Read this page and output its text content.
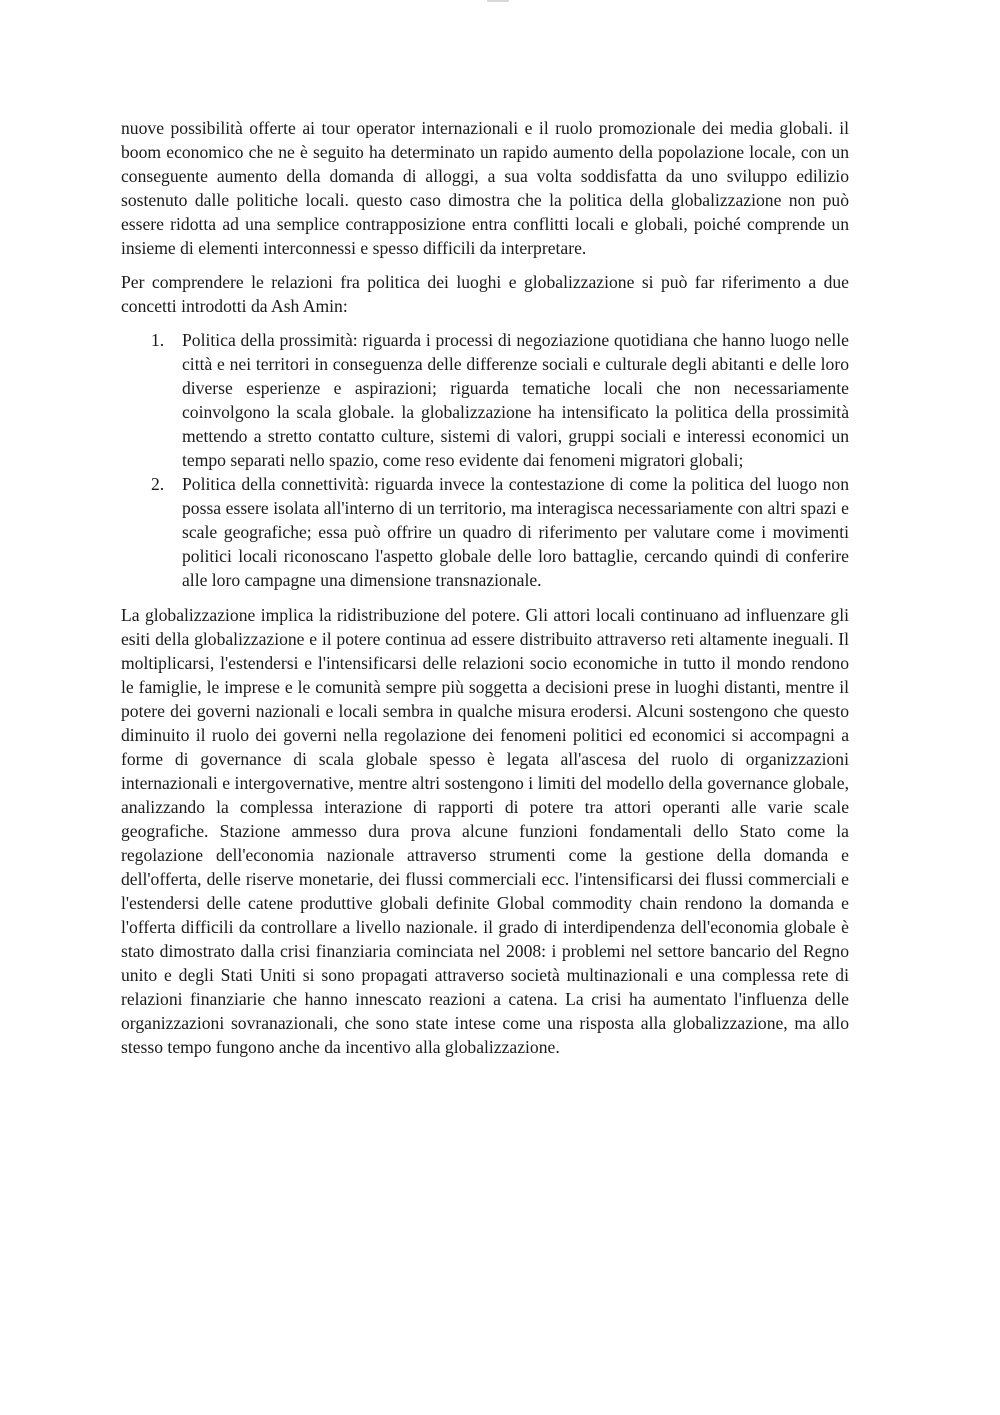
nuove possibilità offerte ai tour operator internazionali e il ruolo promozionale dei media globali. il boom economico che ne è seguito ha determinato un rapido aumento della popolazione locale, con un conseguente aumento della domanda di alloggi, a sua volta soddisfatta da uno sviluppo edilizio sostenuto dalle politiche locali. questo caso dimostra che la politica della globalizzazione non può essere ridotta ad una semplice contrapposizione entra conflitti locali e globali, poiché comprende un insieme di elementi interconnessi e spesso difficili da interpretare.

Per comprendere le relazioni fra politica dei luoghi e globalizzazione si può far riferimento a due concetti introdotti da Ash Amin:

1. Politica della prossimità: riguarda i processi di negoziazione quotidiana che hanno luogo nelle città e nei territori in conseguenza delle differenze sociali e culturale degli abitanti e delle loro diverse esperienze e aspirazioni; riguarda tematiche locali che non necessariamente coinvolgono la scala globale. la globalizzazione ha intensificato la politica della prossimità mettendo a stretto contatto culture, sistemi di valori, gruppi sociali e interessi economici un tempo separati nello spazio, come reso evidente dai fenomeni migratori globali;
2. Politica della connettività: riguarda invece la contestazione di come la politica del luogo non possa essere isolata all'interno di un territorio, ma interagisca necessariamente con altri spazi e scale geografiche; essa può offrire un quadro di riferimento per valutare come i movimenti politici locali riconoscano l'aspetto globale delle loro battaglie, cercando quindi di conferire alle loro campagne una dimensione transnazionale.

La globalizzazione implica la ridistribuzione del potere. Gli attori locali continuano ad influenzare gli esiti della globalizzazione e il potere continua ad essere distribuito attraverso reti altamente ineguali. Il moltiplicarsi, l'estendersi e l'intensificarsi delle relazioni socio economiche in tutto il mondo rendono le famiglie, le imprese e le comunità sempre più soggetta a decisioni prese in luoghi distanti, mentre il potere dei governi nazionali e locali sembra in qualche misura erodersi. Alcuni sostengono che questo diminuito il ruolo dei governi nella regolazione dei fenomeni politici ed economici si accompagni a forme di governance di scala globale spesso è legata all'ascesa del ruolo di organizzazioni internazionali e intergovernative, mentre altri sostengono i limiti del modello della governance globale, analizzando la complessa interazione di rapporti di potere tra attori operanti alle varie scale geografiche. Stazione ammesso dura prova alcune funzioni fondamentali dello Stato come la regolazione dell'economia nazionale attraverso strumenti come la gestione della domanda e dell'offerta, delle riserve monetarie, dei flussi commerciali ecc. l'intensificarsi dei flussi commerciali e l'estendersi delle catene produttive globali definite Global commodity chain rendono la domanda e l'offerta difficili da controllare a livello nazionale. il grado di interdipendenza dell'economia globale è stato dimostrato dalla crisi finanziaria cominciata nel 2008: i problemi nel settore bancario del Regno unito e degli Stati Uniti si sono propagati attraverso società multinazionali e una complessa rete di relazioni finanziarie che hanno innescato reazioni a catena. La crisi ha aumentato l'influenza delle organizzazioni sovranazionali, che sono state intese come una risposta alla globalizzazione, ma allo stesso tempo fungono anche da incentivo alla globalizzazione.
